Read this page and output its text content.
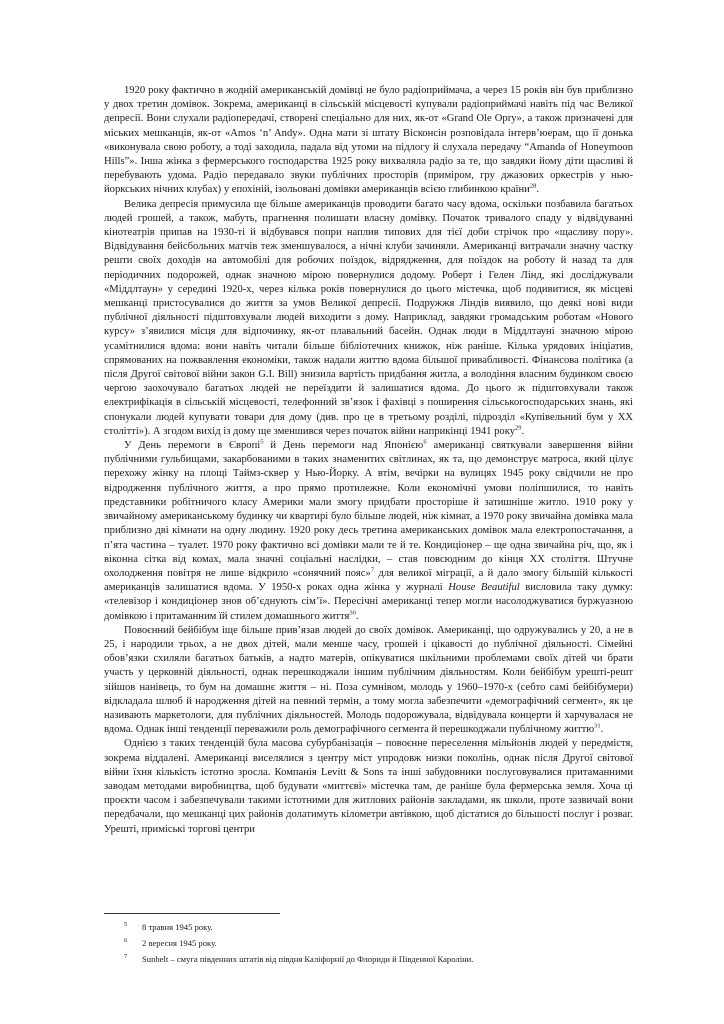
1920 року фактично в жодній американській домівці не було радіоприймача, а через 15 років він був приблизно у двох третин домівок. Зокрема, американці в сільській місцевості купували радіоприймачі навіть під час Великої депресії. Вони слухали радіопередачі, створені спеціально для них, як-от «Grand Ole Opry», а також призначені для міських мешканців, як-от «Amos ‘n’ Andy». Одна мати зі штату Вісконсін розповідала інтерв’юерам, що її донька «виконувала свою роботу, а тоді заходила, падала від утоми на підлогу й слухала передачу “Amanda of Honeymoon Hills”». Інша жінка з фермерського господарства 1925 року вихваляла радіо за те, що завдяки йому діти щасливі й перебувають удома. Радіо передавало звуки публічних просторів (приміром, гру джазових оркестрів у нью-йоркських нічних клубах) у епохіній, ізольовані домівки американців всією глибинкою країни$^{28}$.

Велика депресія примусила ще більше американців проводити багато часу вдома, оскільки позбавила багатьох людей грошей, а також, мабуть, прагнення полишати власну домівку. Початок тривалого спаду у відвідуванні кінотеатрів припав на 1930-ті й відбувався попри наплив типових для тієї доби стрічок про «щасливу пору». Відвідування бейсбольних матчів теж зменшувалося, а нічні клуби зачиняли. Американці витрачали значну частку решти своїх доходів на автомобілі для робочих поїздок, відрядження, для поїздок на роботу й назад та для періодичних подорожей, однак значною мірою повернулися додому. Роберт і Гелен Лінд, які досліджували «Міддлтаун» у середині 1920-х, через кілька років повернулися до цього містечка, щоб подивитися, як місцеві мешканці пристосувалися до життя за умов Великої депресії. Подружжя Ліндів виявило, що деякі нові види публічної діяльності підштовхували людей виходити з дому. Наприклад, завдяки громадським роботам «Нового курсу» з’явилися місця для відпочинку, як-от плавальний басейн. Однак люди в Міддлтауні значною мірою усамітнилися вдома: вони навіть читали більше бібліотечних книжок, ніж раніше. Кілька урядових ініціатив, спрямованих на пожвавлення економіки, також надали життю вдома більшої привабливості. Фінансова політика (а після Другої світової війни закон G.I. Bill) знизила вартість придбання житла, а володіння власним будинком своєю чергою заохочувало багатьох людей не переїздити й залишатися вдома. До цього ж підштовхували також електрифікація в сільській місцевості, телефонний зв’язок і фахівці з поширення сільськогосподарських знань, які спонукали людей купувати товари для дому (див. про це в третьому розділі, підрозділ «Купівельний бум у XX столітті»). А згодом вихід із дому ще зменшився через початок війни наприкінці 1941 року$^{29}$.

У День перемоги в Європі$^5$ й День перемоги над Японією$^6$ американці святкували завершення війни публічними гульбищами, закарбованими в таких знаменитих світлинах, як та, що демонструє матроса, який цілує перехожу жінку на площі Таймз-сквер у Нью-Йорку. А втім, вечірки на вулицях 1945 року свідчили не про відродження публічного життя, а про прямо протилежне. Коли економічні умови поліпшилися, то навіть представники робітничого класу Америки мали змогу придбати просторіше й затишніше житло. 1910 року у звичайному американському будинку чи квартирі було більше людей, ніж кімнат, а 1970 року звичайна домівка мала приблизно дві кімнати на одну людину. 1920 року десь третина американських домівок мала електропостачання, а п’ята частина – туалет. 1970 року фактично всі домівки мали те й те. Кондиціонер – ще одна звичайна річ, що, як і віконна сітка від комах, мала значні соціальні наслідки, – став повсюдним до кінця XX століття. Штучне охолодження повітря не лише відкрило «сонячний пояс»$^7$ для великої міграції, а й дало змогу більшій кількості американців залишатися вдома. У 1950-х роках одна жінка у журналі House Beautiful висловила таку думку: «телевізор і кондиціонер знов об’єднують сім’ї». Пересічні американці тепер могли насолоджуватися буржуазною домівкою і притаманним їй стилем домашнього життя$^{30}$.

Повоєнний бейбібум іще більше прив’язав людей до своїх домівок. Американці, що одружувались у 20, а не в 25, і народили трьох, а не двох дітей, мали менше часу, грошей і цікавості до публічної діяльності. Сімейні обов’язки схиляли багатьох батьків, а надто матерів, опікуватися шкільними проблемами своїх дітей чи брати участь у церковній діяльності, однак перешкоджали іншим публічним діяльностям. Коли бейбібум урешті-решт зійшов нанівець, то бум на домашнє життя – ні. Поза сумнівом, молодь у 1960–1970-х (себто самі бейбібумери) відкладала шлюб й народження дітей на певний термін, а тому могла забезпечити «демографічний сегмент», як це називають маркетологи, для публічних діяльностей. Молодь подорожувала, відвідувала концерти й харчувалася не вдома. Однак інші тенденції переважили роль демографічного сегмента й перешкоджали публічному життю$^{31}$.

Однією з таких тенденцій була масова субурбанізація – повоєнне переселення мільйонів людей у передмістя, зокрема віддалені. Американці виселялися з центру міст упродовж низки поколінь, однак після Другої світової війни їхня кількість істотно зросла. Компанія Levitt & Sons та інші забудовники послуговувалися притаманними заводам методами виробництва, щоб будувати «миттєві» містечка там, де раніше була фермерська земля. Хоча ці проєкти часом і забезпечували такими істотними для житлових районів закладами, як школи, проте зазвичай вони передбачали, що мешканці цих районів долатимуть кілометри автівкою, щоб дістатися до більшості послуг і розваг. Урешті, приміські торгові центри

5 8 травня 1945 року.
6 2 вересня 1945 року.
7 Sunbelt – смуга південних штатів від півдня Каліфорнії до Флориди й Південної Кароліни.
